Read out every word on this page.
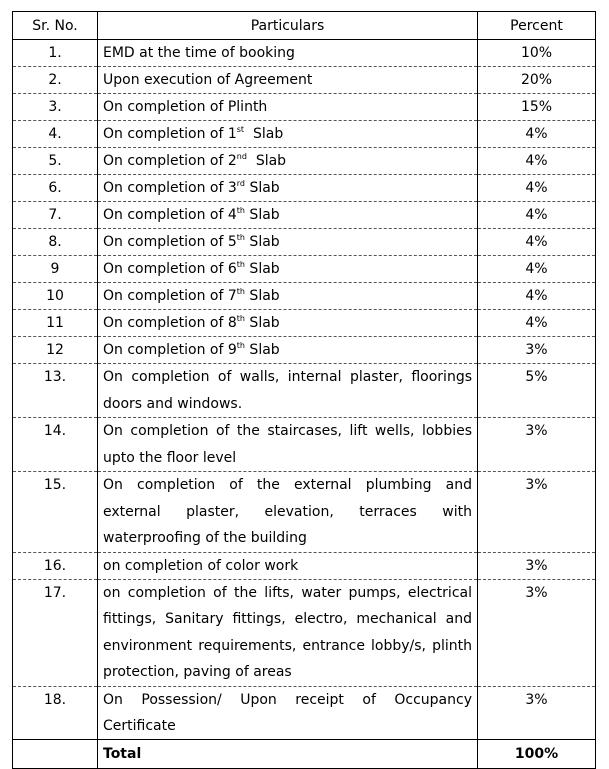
Sr. No.	Particulars	Percent
1.	EMD at the time of booking	10%
2.	Upon execution of Agreement	20%
3.	On completion of Plinth	15%
4.	On completion of 1st  Slab	4%
5.	On completion of 2nd  Slab	4%
6.	On completion of 3rd Slab	4%
7.	On completion of 4th Slab	4%
8.	On completion of 5th Slab	4%
9	On completion of 6th Slab	4%
10	On completion of 7th Slab	4%
11	On completion of 8th Slab	4%
12	On completion of 9th Slab	3%
13.	On completion of walls, internal plaster, floorings doors and windows.	5%
14.	On completion of the staircases, lift wells, lobbies upto the floor level	3%
15.	On completion of the external plumbing and external plaster, elevation, terraces with waterproofing of the building	3%
16.	on completion of color work	3%
17.	on completion of the lifts, water pumps, electrical fittings, Sanitary fittings, electro, mechanical and environment requirements, entrance lobby/s, plinth protection, paving of areas	3%
18.	On Possession/ Upon receipt of Occupancy Certificate	3%
	Total	100%
